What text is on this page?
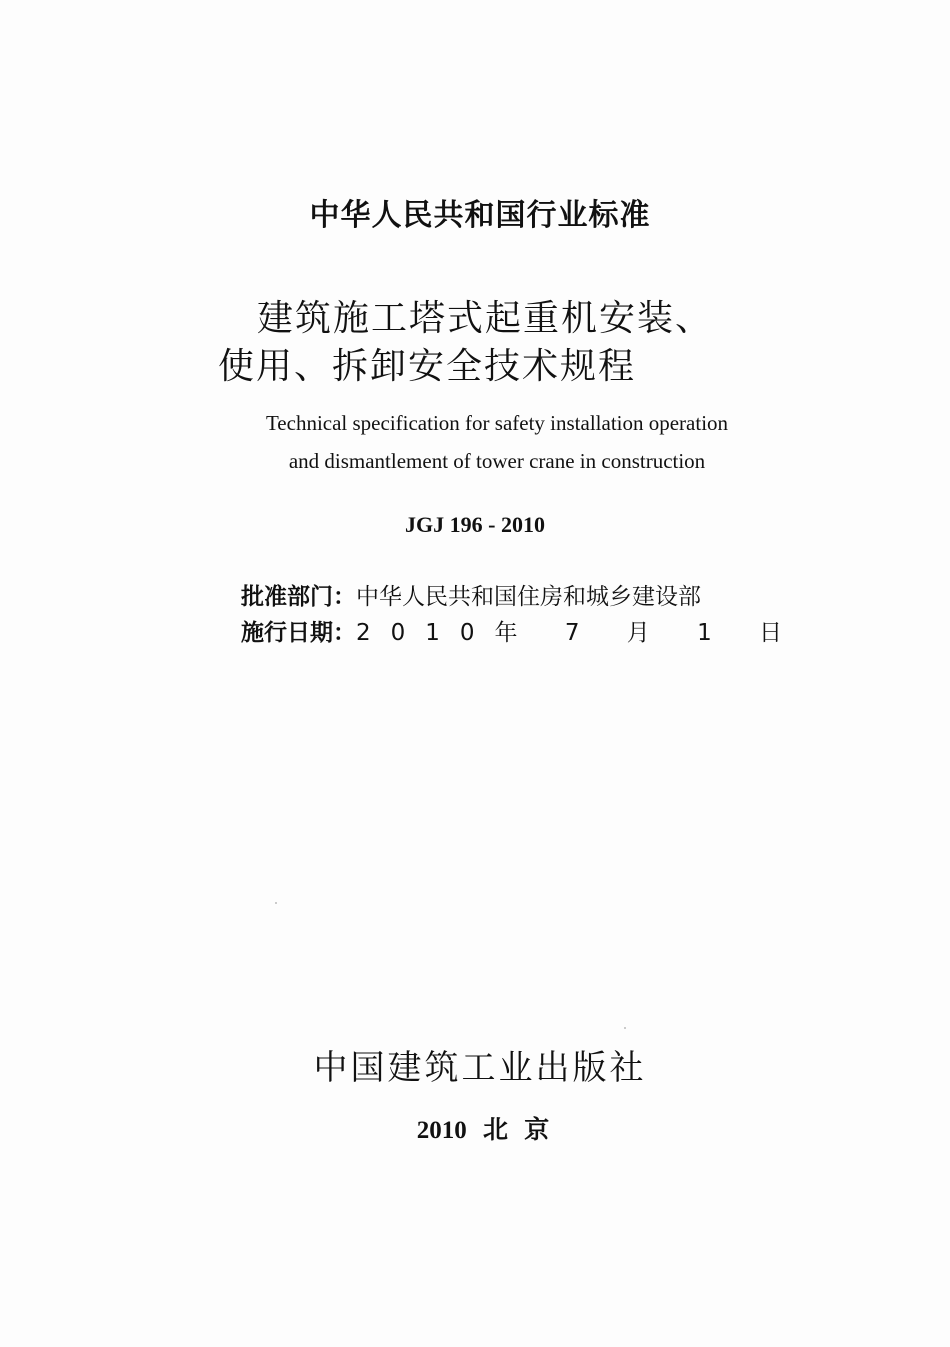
中华人民共和国行业标准
建筑施工塔式起重机安装、
使用、拆卸安全技术规程
Technical specification for safety installation operation
and dismantlement of tower crane in construction
JGJ 196 - 2010
批准部门： 中华人民共和国住房和城乡建设部
施行日期： 2010年 7 月 1 日
中国建筑工业出版社
2010 北 京
